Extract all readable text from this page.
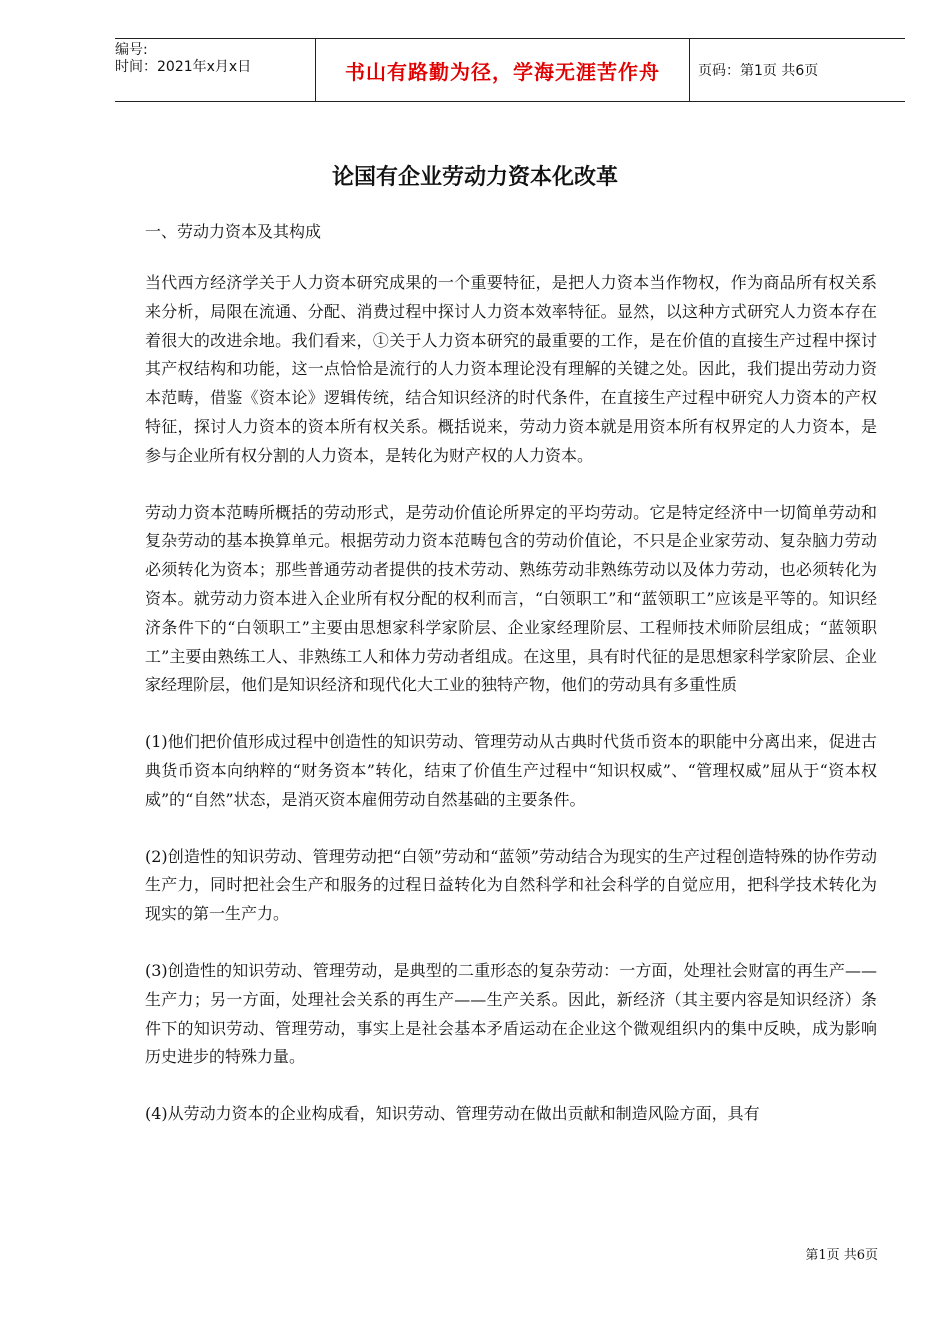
编号:
时间：2021年x月x日	书山有路勤为径，学海无涯苦作舟	页码：第1页 共6页
论国有企业劳动力资本化改革
一、劳动力资本及其构成

当代西方经济学关于人力资本研究成果的一个重要特征，是把人力资本当作物权，作为商品所有权关系来分析，局限在流通、分配、消费过程中探讨人力资本效率特征。显然，以这种方式研究人力资本存在着很大的改进余地。我们看来，①关于人力资本研究的最重要的工作，是在价值的直接生产过程中探讨其产权结构和功能，这一点恰恰是流行的人力资本理论没有理解的关键之处。因此，我们提出劳动力资本范畴，借鉴《资本论》逻辑传统，结合知识经济的时代条件，在直接生产过程中研究人力资本的产权特征，探讨人力资本的资本所有权关系。概括说来，劳动力资本就是用资本所有权界定的人力资本，是参与企业所有权分割的人力资本，是转化为财产权的人力资本。

劳动力资本范畴所概括的劳动形式，是劳动价值论所界定的平均劳动。它是特定经济中一切简单劳动和复杂劳动的基本换算单元。根据劳动力资本范畴包含的劳动价值论，不只是企业家劳动、复杂脑力劳动必须转化为资本；那些普通劳动者提供的技术劳动、熟练劳动非熟练劳动以及体力劳动，也必须转化为资本。就劳动力资本进入企业所有权分配的权利而言，“白领职工”和“蓝领职工”应该是平等的。知识经济条件下的“白领职工”主要由思想家科学家阶层、企业家经理阶层、工程师技术师阶层组成；“蓝领职工”主要由熟练工人、非熟练工人和体力劳动者组成。在这里，具有时代征的是思想家科学家阶层、企业家经理阶层，他们是知识经济和现代化大工业的独特产物，他们的劳动具有多重性质

(1)他们把价值形成过程中创造性的知识劳动、管理劳动从古典时代货币资本的职能中分离出来，促进古典货币资本向纳粹的“财务资本”转化，结束了价值生产过程中“知识权威”、“管理权威”屈从于“资本权威”的“自然”状态，是消灭资本雇佣劳动自然基础的主要条件。

(2)创造性的知识劳动、管理劳动把“白领”劳动和“蓝领”劳动结合为现实的生产过程创造特殊的协作劳动生产力，同时把社会生产和服务的过程日益转化为自然科学和社会科学的自觉应用，把科学技术转化为现实的第一生产力。

(3)创造性的知识劳动、管理劳动，是典型的二重形态的复杂劳动：一方面，处理社会财富的再生产——生产力；另一方面，处理社会关系的再生产——生产关系。因此，新经济（其主要内容是知识经济）条件下的知识劳动、管理劳动，事实上是社会基本矛盾运动在企业这个微观组织内的集中反映，成为影响历史进步的特殊力量。

(4)从劳动力资本的企业构成看，知识劳动、管理劳动在做出贡献和制造风险方面，具有

第1页 共6页
